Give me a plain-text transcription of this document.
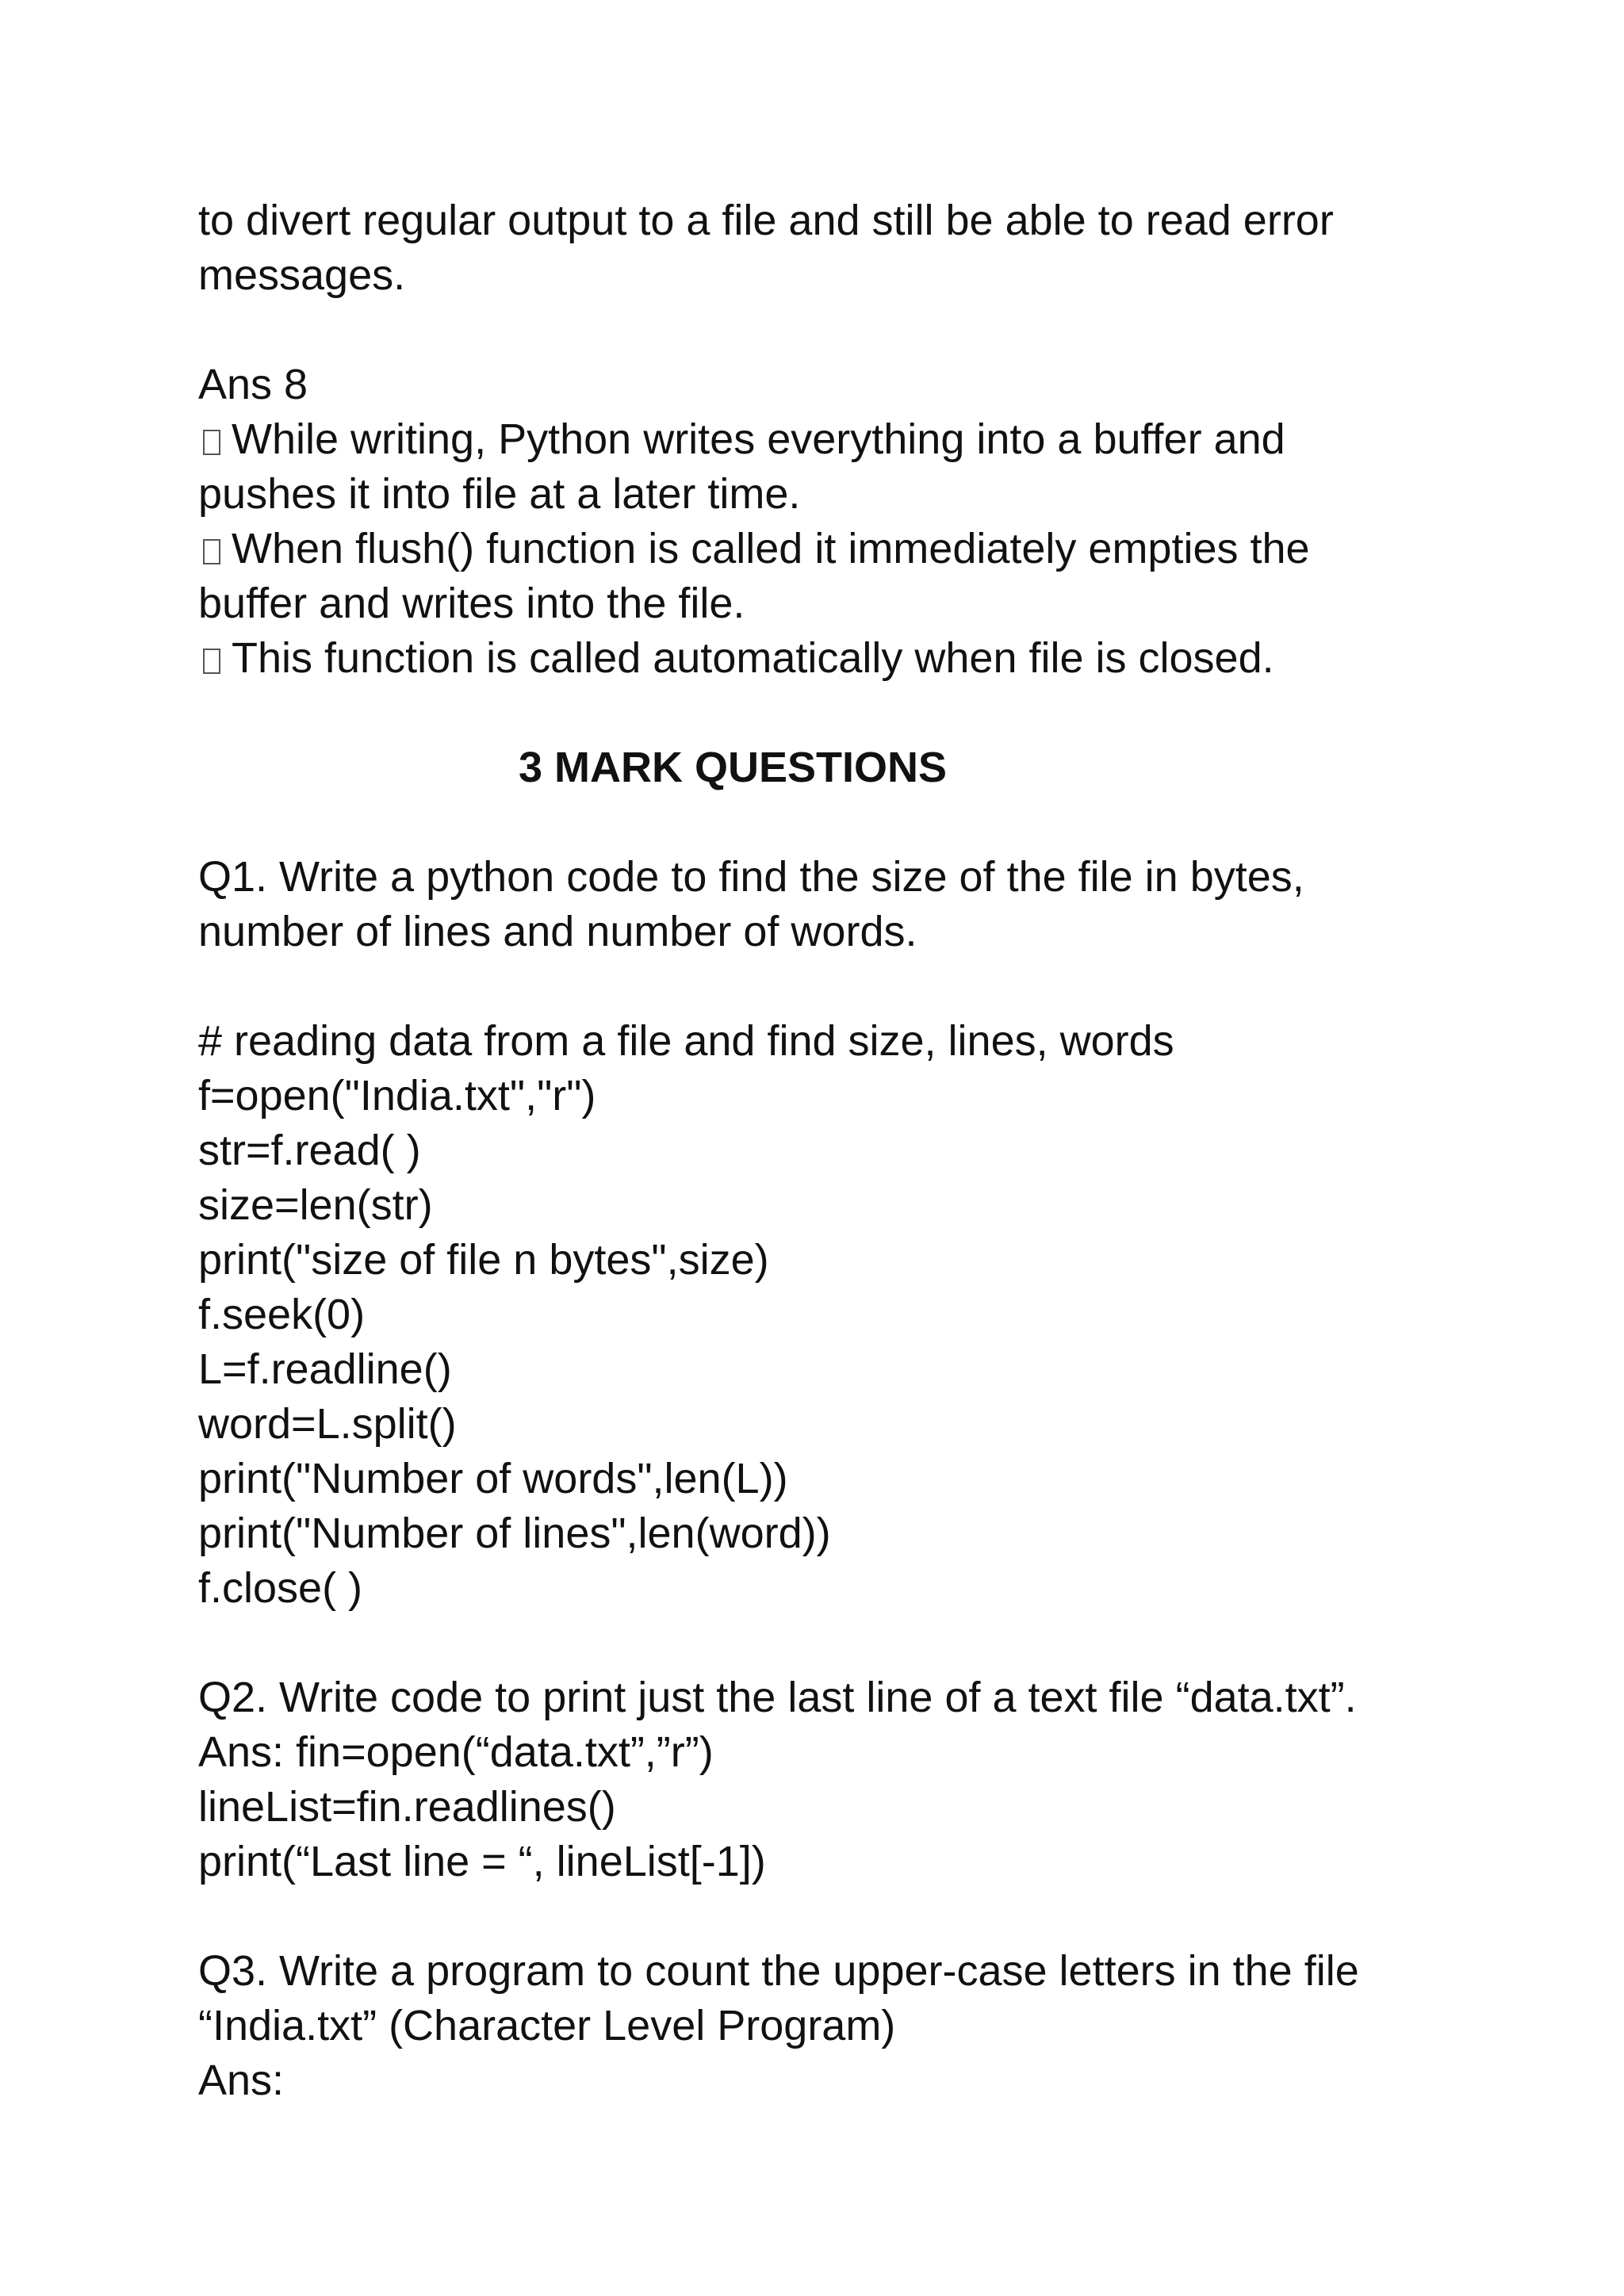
to divert regular output to a file and still be able to read error
messages.
Ans 8
While writing, Python writes everything into a buffer and
pushes it into file at a later time.
When flush() function is called it immediately empties the
buffer and writes into the file.
This function is called automatically when file is closed.
3 MARK QUESTIONS
Q1. Write a python code to find the size of the file in bytes,
number of lines and number of words.
# reading data from a file and find size, lines, words
f=open("India.txt","r")
str=f.read( )
size=len(str)
print("size of file n bytes",size)
f.seek(0)
L=f.readline()
word=L.split()
print("Number of words",len(L))
print("Number of lines",len(word))
f.close( )
Q2. Write code to print just the last line of a text file “data.txt”.
Ans: fin=open(“data.txt”,”r”)
lineList=fin.readlines()
print(“Last line = “, lineList[-1])
Q3. Write a program to count the upper-case letters in the file
“India.txt” (Character Level Program)
Ans:
